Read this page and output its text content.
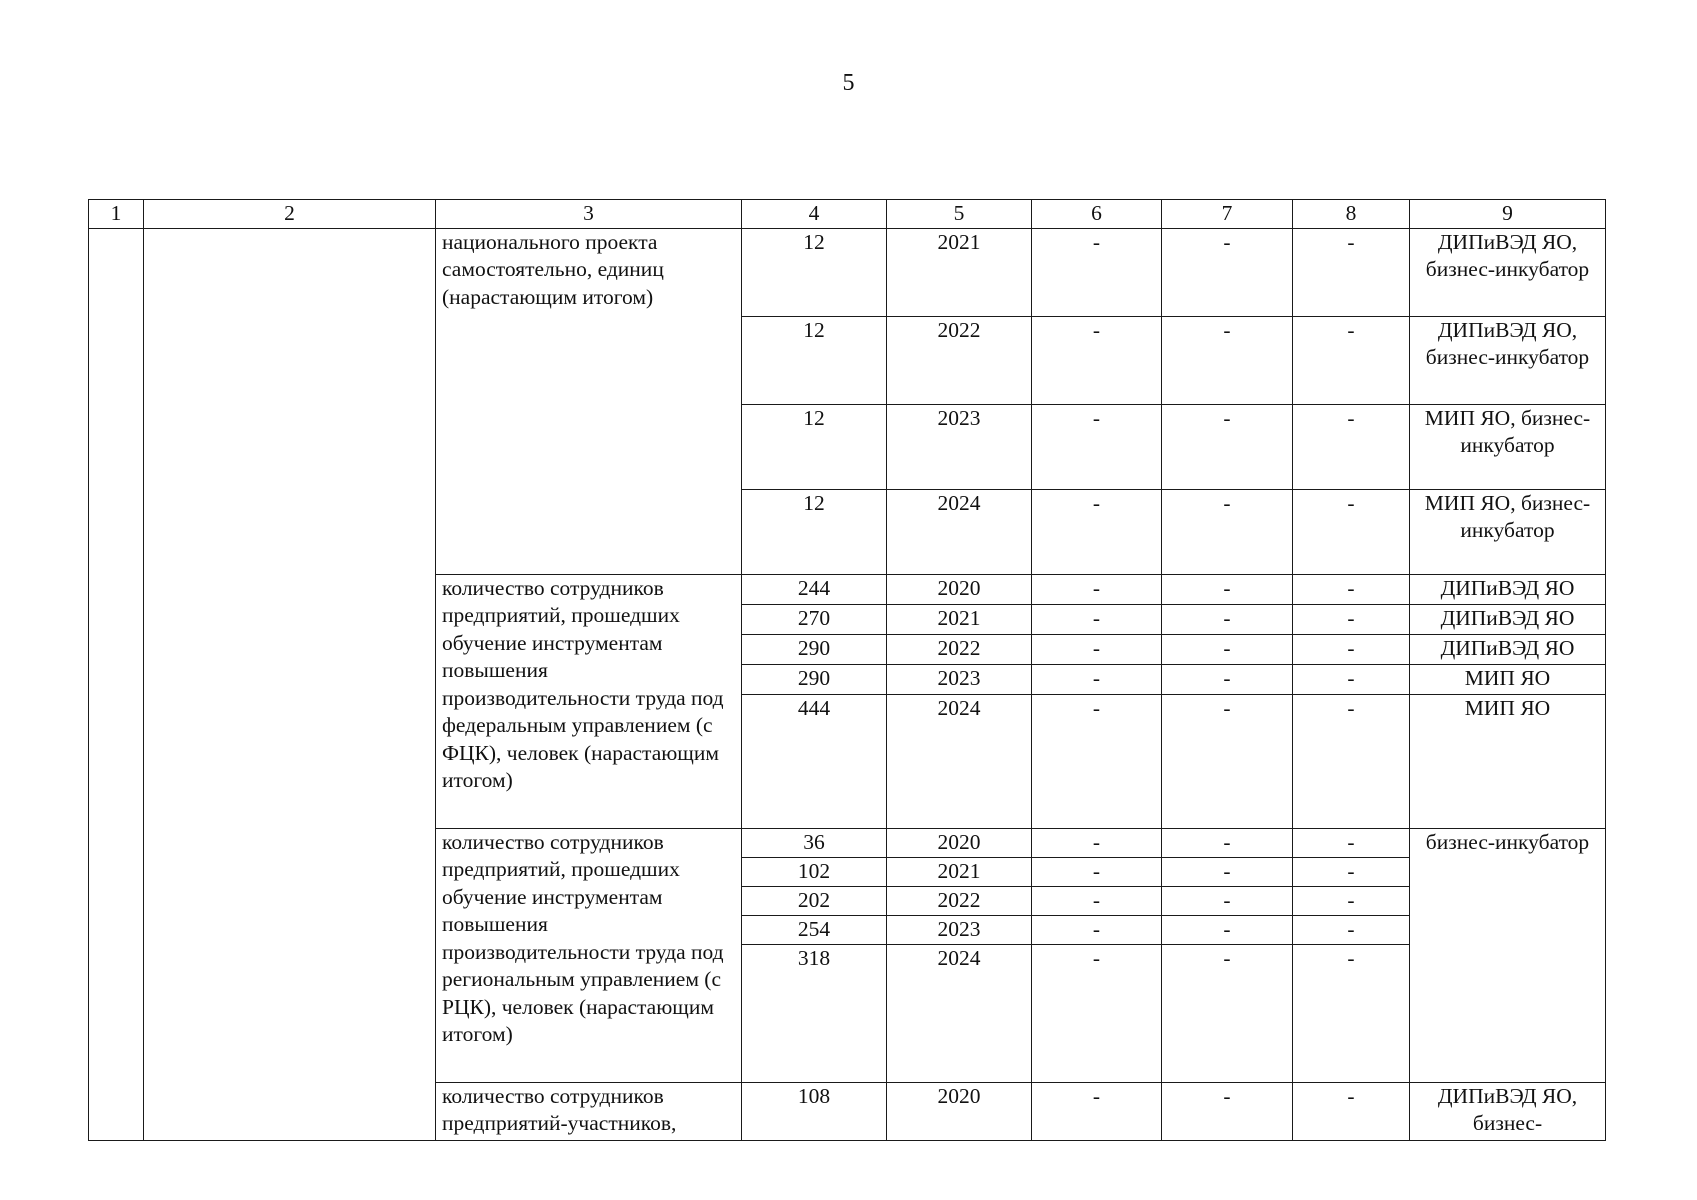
5
1	2	3	4	5	6	7	8	9
		национального проекта самостоятельно, единиц (нарастающим итогом)	12	2021	-	-	-	ДИПиВЭД ЯО, бизнес-инкубатор
			12	2022	-	-	-	ДИПиВЭД ЯО, бизнес-инкубатор
			12	2023	-	-	-	МИП ЯО, бизнес-инкубатор
			12	2024	-	-	-	МИП ЯО, бизнес-инкубатор
		количество сотрудников предприятий, прошедших обучение инструментам повышения производительности труда под федеральным управлением (с ФЦК), человек (нарастающим итогом)	244	2020	-	-	-	ДИПиВЭД ЯО
			270	2021	-	-	-	ДИПиВЭД ЯО
			290	2022	-	-	-	ДИПиВЭД ЯО
			290	2023	-	-	-	МИП ЯО
			444	2024	-	-	-	МИП ЯО
		количество сотрудников предприятий, прошедших обучение инструментам повышения производительности труда под региональным управлением (с РЦК), человек (нарастающим итогом)	36	2020	-	-	-	бизнес-инкубатор
			102	2021	-	-	-	
			202	2022	-	-	-	
			254	2023	-	-	-	
			318	2024	-	-	-	
		количество сотрудников предприятий-участников,	108	2020	-	-	-	ДИПиВЭД ЯО, бизнес-
